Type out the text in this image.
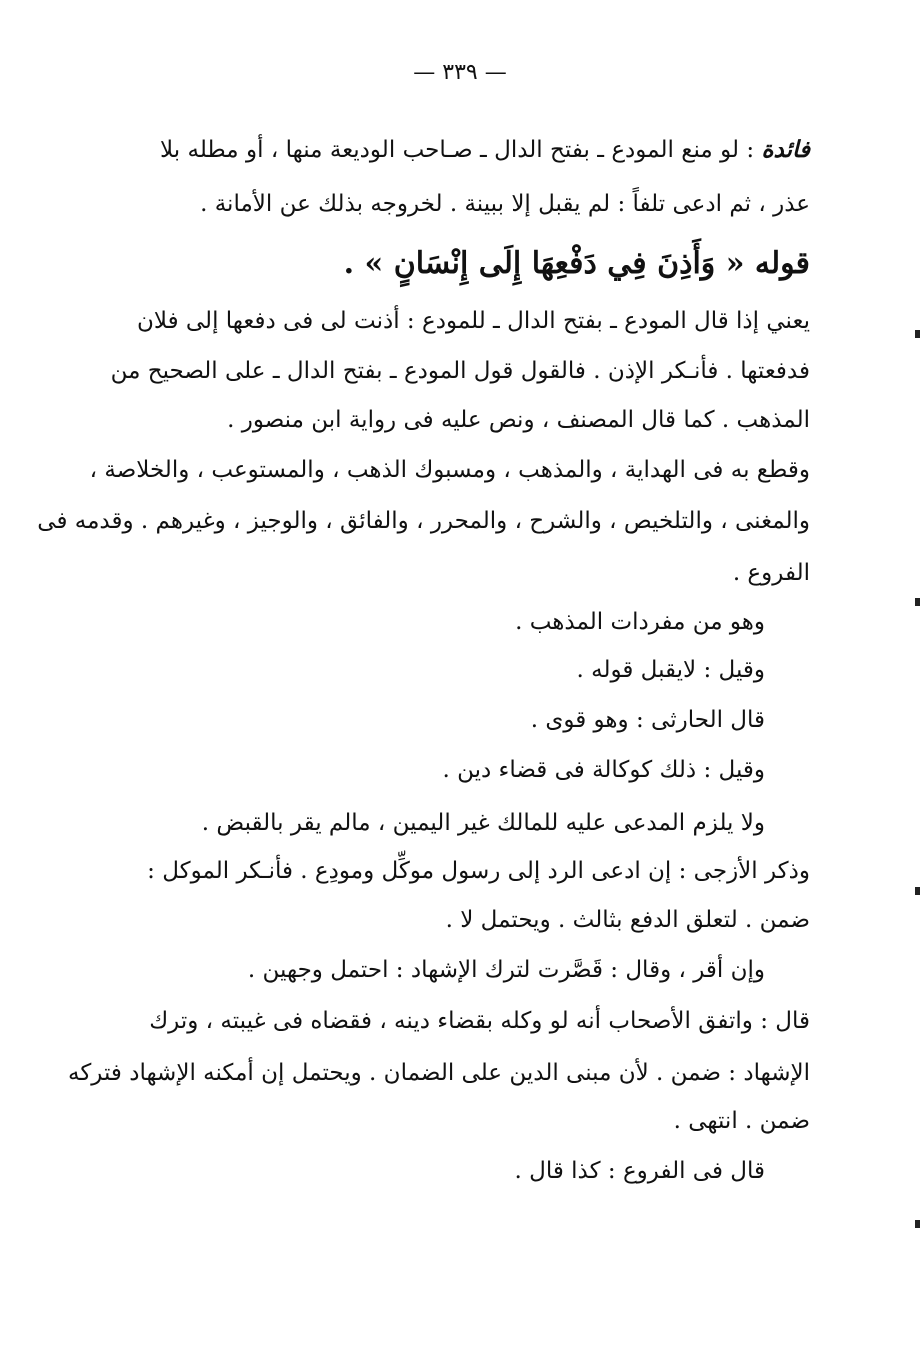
— ٣٣٩ —
فائدة : لو منع المودع ـ بفتح الدال ـ صـاحب الوديعة منها ، أو مطله بلا
عذر ، ثم ادعى تلفاً : لم يقبل إلا ببينة . لخروجه بذلك عن الأمانة .
قوله « وَأَذِنَ فِي دَفْعِهَا إِلَى إِنْسَانٍ » .
يعني إذا قال المودع ـ بفتح الدال ـ للمودع : أذنت لى فى دفعها إلى فلان
فدفعتها . فأنـكر الإذن . فالقول قول المودع ـ بفتح الدال ـ على الصحيح من
المذهب . كما قال المصنف ، ونص عليه فى رواية ابن منصور .
وقطع به فى الهداية ، والمذهب ، ومسبوك الذهب ، والمستوعب ، والخلاصة ،
والمغنى ، والتلخيص ، والشرح ، والمحرر ، والفائق ، والوجيز ، وغيرهم . وقدمه فى
الفروع .
وهو من مفردات المذهب .
وقيل : لايقبل قوله .
قال الحارثى : وهو قوى .
وقيل : ذلك كوكالة فى قضاء دين .
ولا يلزم المدعى عليه للمالك غير اليمين ، مالم يقر بالقبض .
وذكر الأزجى : إن ادعى الرد إلى رسول موكِّل ومودِع . فأنـكر الموكل :
ضمن . لتعلق الدفع بثالث . ويحتمل لا .
وإن أقر ، وقال : قَصَّرت لترك الإشهاد : احتمل وجهين .
قال : واتفق الأصحاب أنه لو وكله بقضاء دينه ، فقضاه فى غيبته ، وترك
الإشهاد : ضمن . لأن مبنى الدين على الضمان . ويحتمل إن أمكنه الإشهاد فتركه
ضمن . انتهى .
قال فى الفروع : كذا قال .
